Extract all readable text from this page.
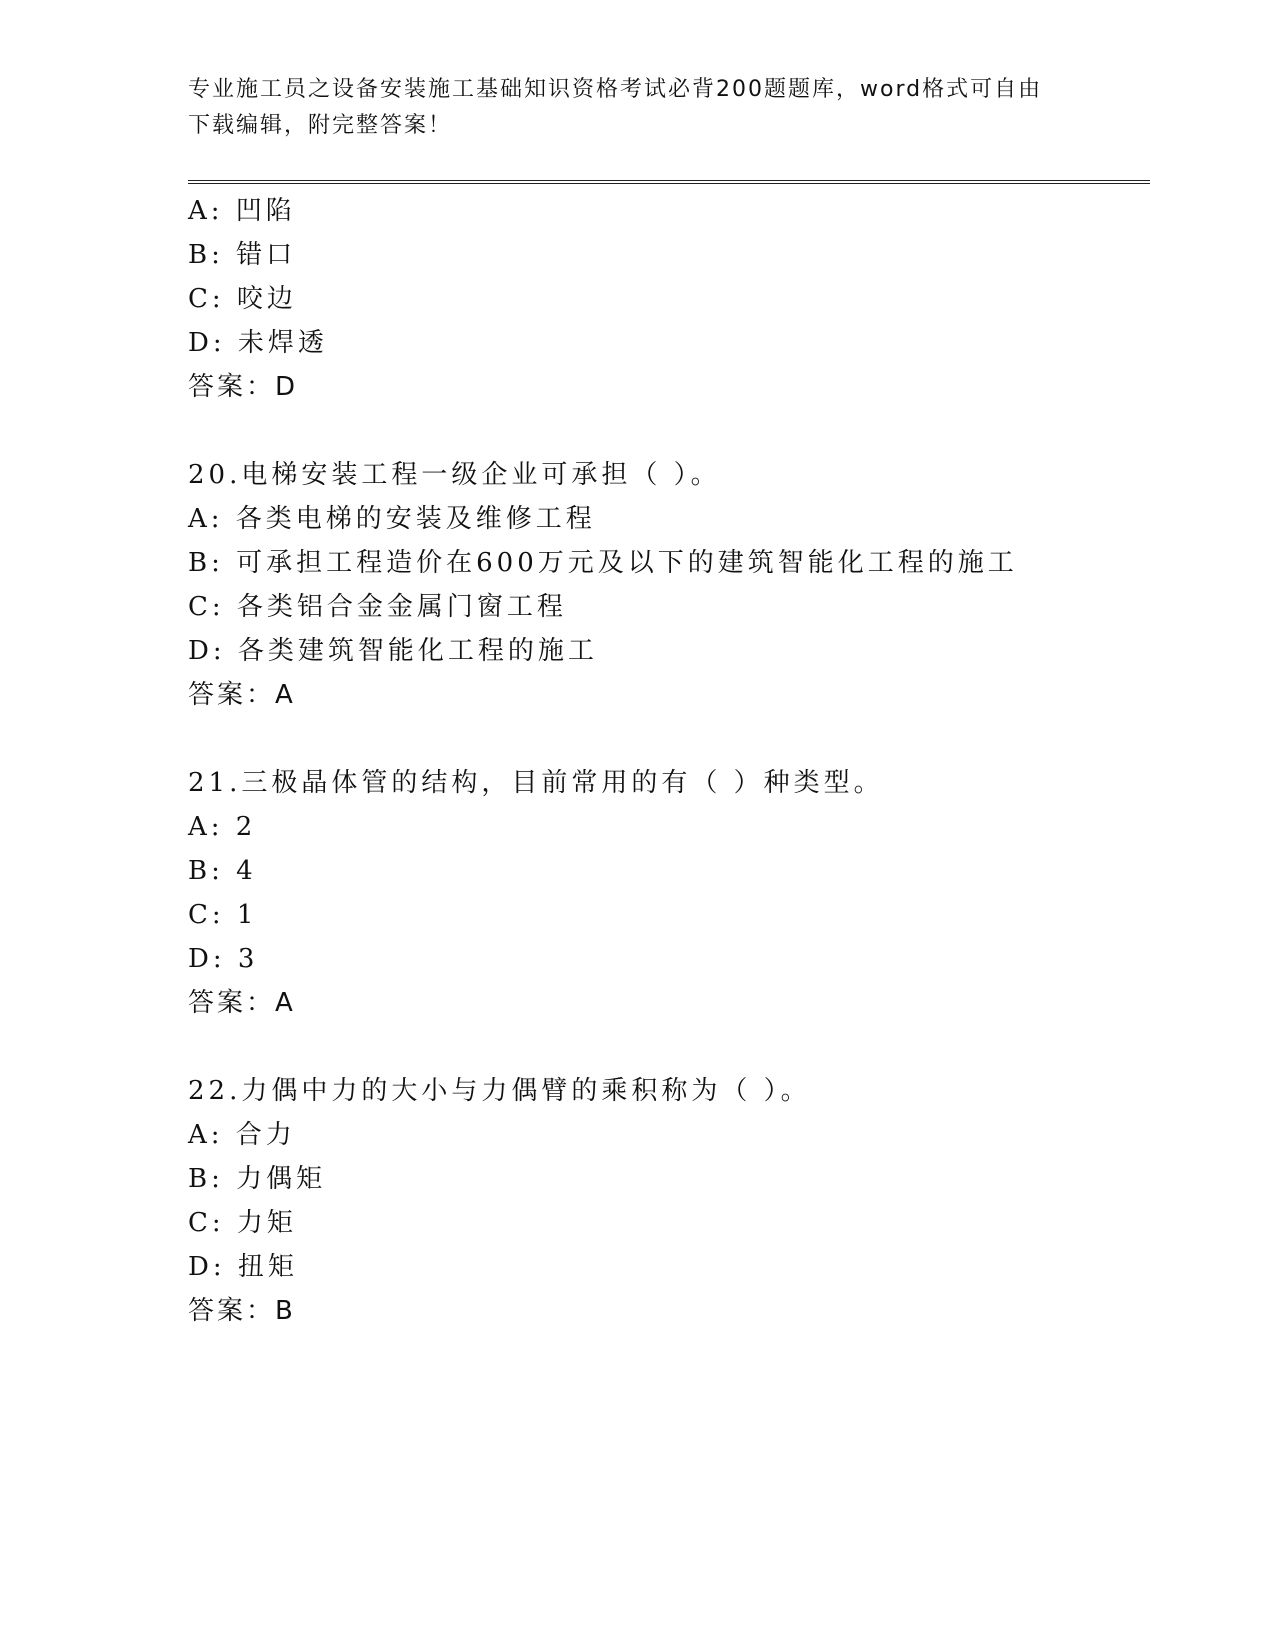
专业施工员之设备安装施工基础知识资格考试必背200题题库，word格式可自由
下载编辑，附完整答案！
A: 凹陷
B: 错口
C: 咬边
D: 未焊透
答案：D
20.电梯安装工程一级企业可承担（ ）。
A: 各类电梯的安装及维修工程
B: 可承担工程造价在600万元及以下的建筑智能化工程的施工
C: 各类铝合金金属门窗工程
D: 各类建筑智能化工程的施工
答案：A
21.三极晶体管的结构，目前常用的有（ ）种类型。
A: 2
B: 4
C: 1
D: 3
答案：A
22.力偶中力的大小与力偶臂的乘积称为（ ）。
A: 合力
B: 力偶矩
C: 力矩
D: 扭矩
答案：B
